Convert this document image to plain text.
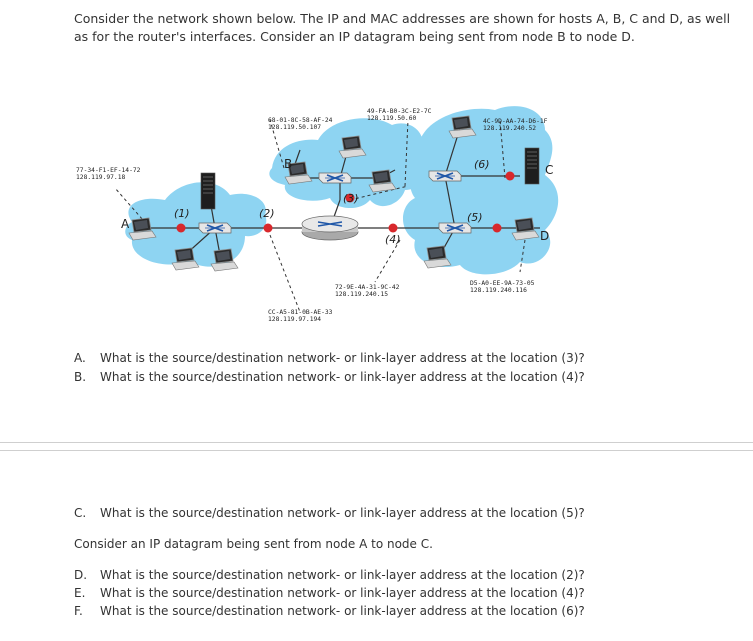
Consider the network shown below. The IP and MAC addresses are shown for hosts A, B, C and D, as well as for the router's interfaces. Consider an IP datagram being sent from node B to node D.

A
B	C
D
(1)	(2)
(3)
(4)
(5)
(6)
77-34-F1-EF-14-72
128.119.97.18
68-01-8C-58-AF-24
128.119.50.107
49-FA-B0-3C-E2-7C
128.119.50.60	4C-9D-AA-74-D6-1F
128.119.240.52
72-9E-4A-31-9C-42
128.119.240.15
D5-A0-EE-9A-73-05
128.119.240.116
CC-A5-81-0B-AE-33
128.119.97.194

A. What is the source/destination network- or link-layer address at the location (3)?

B. What is the source/destination network- or link-layer address at the location (4)?

C. What is the source/destination network- or link-layer address at the location (5)?

Consider an IP datagram being sent from node A to node C.

D. What is the source/destination network- or link-layer address at the location (2)?

E. What is the source/destination network- or link-layer address at the location (4)?

F. What is the source/destination network- or link-layer address at the location (6)?
